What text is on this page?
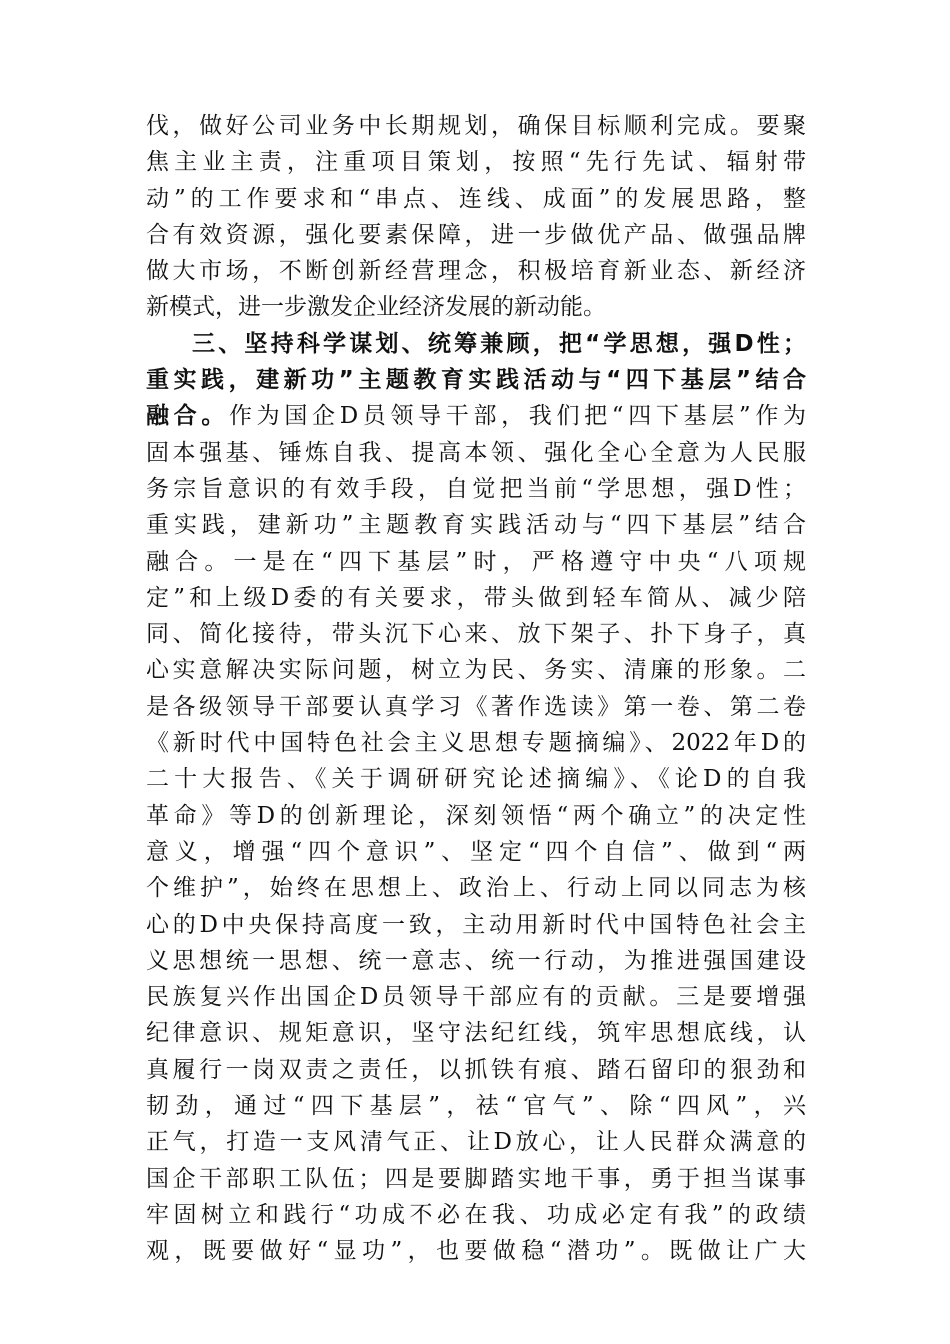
伐，做好公司业务中长期规划，确保目标顺利完成。要聚
焦主业主责，注重项目策划，按照“先行先试、辐射带
动”的工作要求和“串点、连线、成面”的发展思路，整
合有效资源，强化要素保障，进一步做优产品、做强品牌
做大市场，不断创新经营理念，积极培育新业态、新经济
新模式，进一步激发企业经济发展的新动能。
三、坚持科学谋划、统筹兼顾，把“学思想，强D性；
重实践，建新功”主题教育实践活动与“四下基层”结合
融合。作为国企D员领导干部，我们把“四下基层”作为
固本强基、锤炼自我、提高本领、强化全心全意为人民服
务宗旨意识的有效手段，自觉把当前“学思想，强D性；
重实践，建新功”主题教育实践活动与“四下基层”结合
融合。一是在“四下基层”时，严格遵守中央“八项规
定”和上级D委的有关要求，带头做到轻车简从、减少陪
同、简化接待，带头沉下心来、放下架子、扑下身子，真
心实意解决实际问题，树立为民、务实、清廉的形象。二
是各级领导干部要认真学习《著作选读》第一卷、第二卷
《新时代中国特色社会主义思想专题摘编》、2022年D的
二十大报告、《关于调研研究论述摘编》、《论D的自我
革命》等D的创新理论，深刻领悟“两个确立”的决定性
意义，增强“四个意识”、坚定“四个自信”、做到“两
个维护”，始终在思想上、政治上、行动上同以同志为核
心的D中央保持高度一致，主动用新时代中国特色社会主
义思想统一思想、统一意志、统一行动，为推进强国建设
民族复兴作出国企D员领导干部应有的贡献。三是要增强
纪律意识、规矩意识，坚守法纪红线，筑牢思想底线，认
真履行一岗双责之责任，以抓铁有痕、踏石留印的狠劲和
韧劲，通过“四下基层”，祛“官气”、除“四风”，兴
正气，打造一支风清气正、让D放心，让人民群众满意的
国企干部职工队伍；四是要脚踏实地干事，勇于担当谋事
牢固树立和践行“功成不必在我、功成必定有我”的政绩
观，既要做好“显功”，也要做稳“潜功”。既做让广大
